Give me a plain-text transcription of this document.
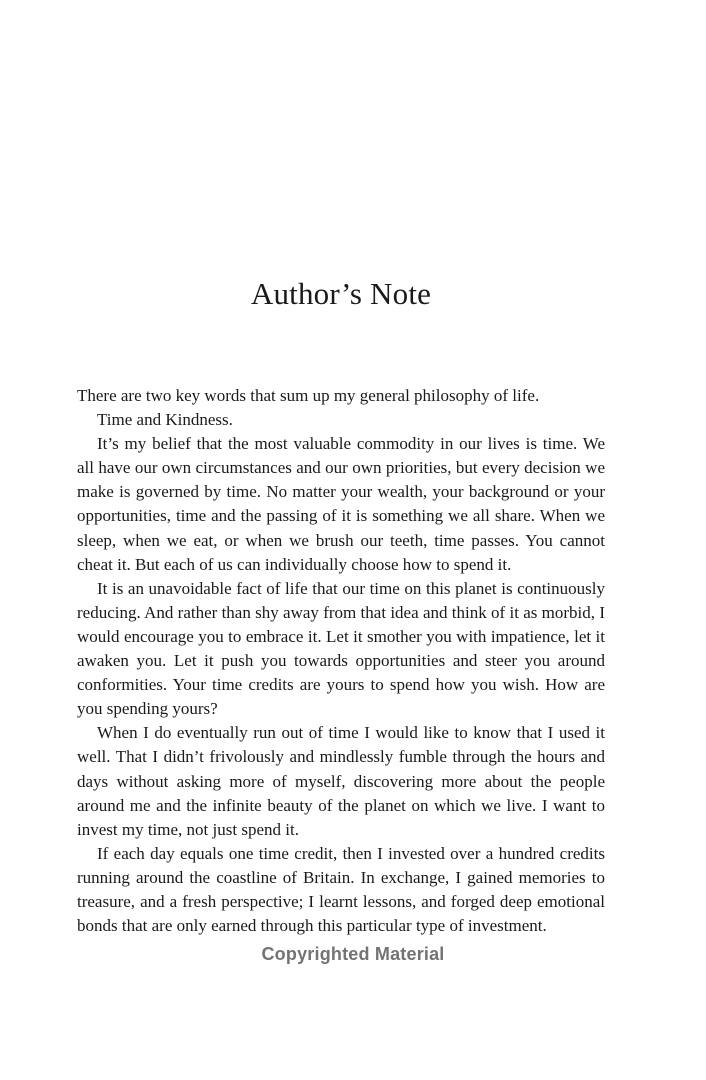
Author’s Note

There are two key words that sum up my general philosophy of life.

Time and Kindness.

It’s my belief that the most valuable commodity in our lives is time. We all have our own circumstances and our own priorities, but every decision we make is governed by time. No matter your wealth, your background or your opportunities, time and the passing of it is something we all share. When we sleep, when we eat, or when we brush our teeth, time passes. You cannot cheat it. But each of us can individually choose how to spend it.

It is an unavoidable fact of life that our time on this planet is continuously reducing. And rather than shy away from that idea and think of it as morbid, I would encourage you to embrace it. Let it smother you with impatience, let it awaken you. Let it push you towards opportunities and steer you around conformities. Your time credits are yours to spend how you wish. How are you spending yours?

When I do eventually run out of time I would like to know that I used it well. That I didn’t frivolously and mindlessly fumble through the hours and days without asking more of myself, discovering more about the people around me and the infinite beauty of the planet on which we live. I want to invest my time, not just spend it.

If each day equals one time credit, then I invested over a hundred credits running around the coastline of Britain. In exchange, I gained memories to treasure, and a fresh perspective; I learnt lessons, and forged deep emotional bonds that are only earned through this particular type of investment.

Copyrighted Material
